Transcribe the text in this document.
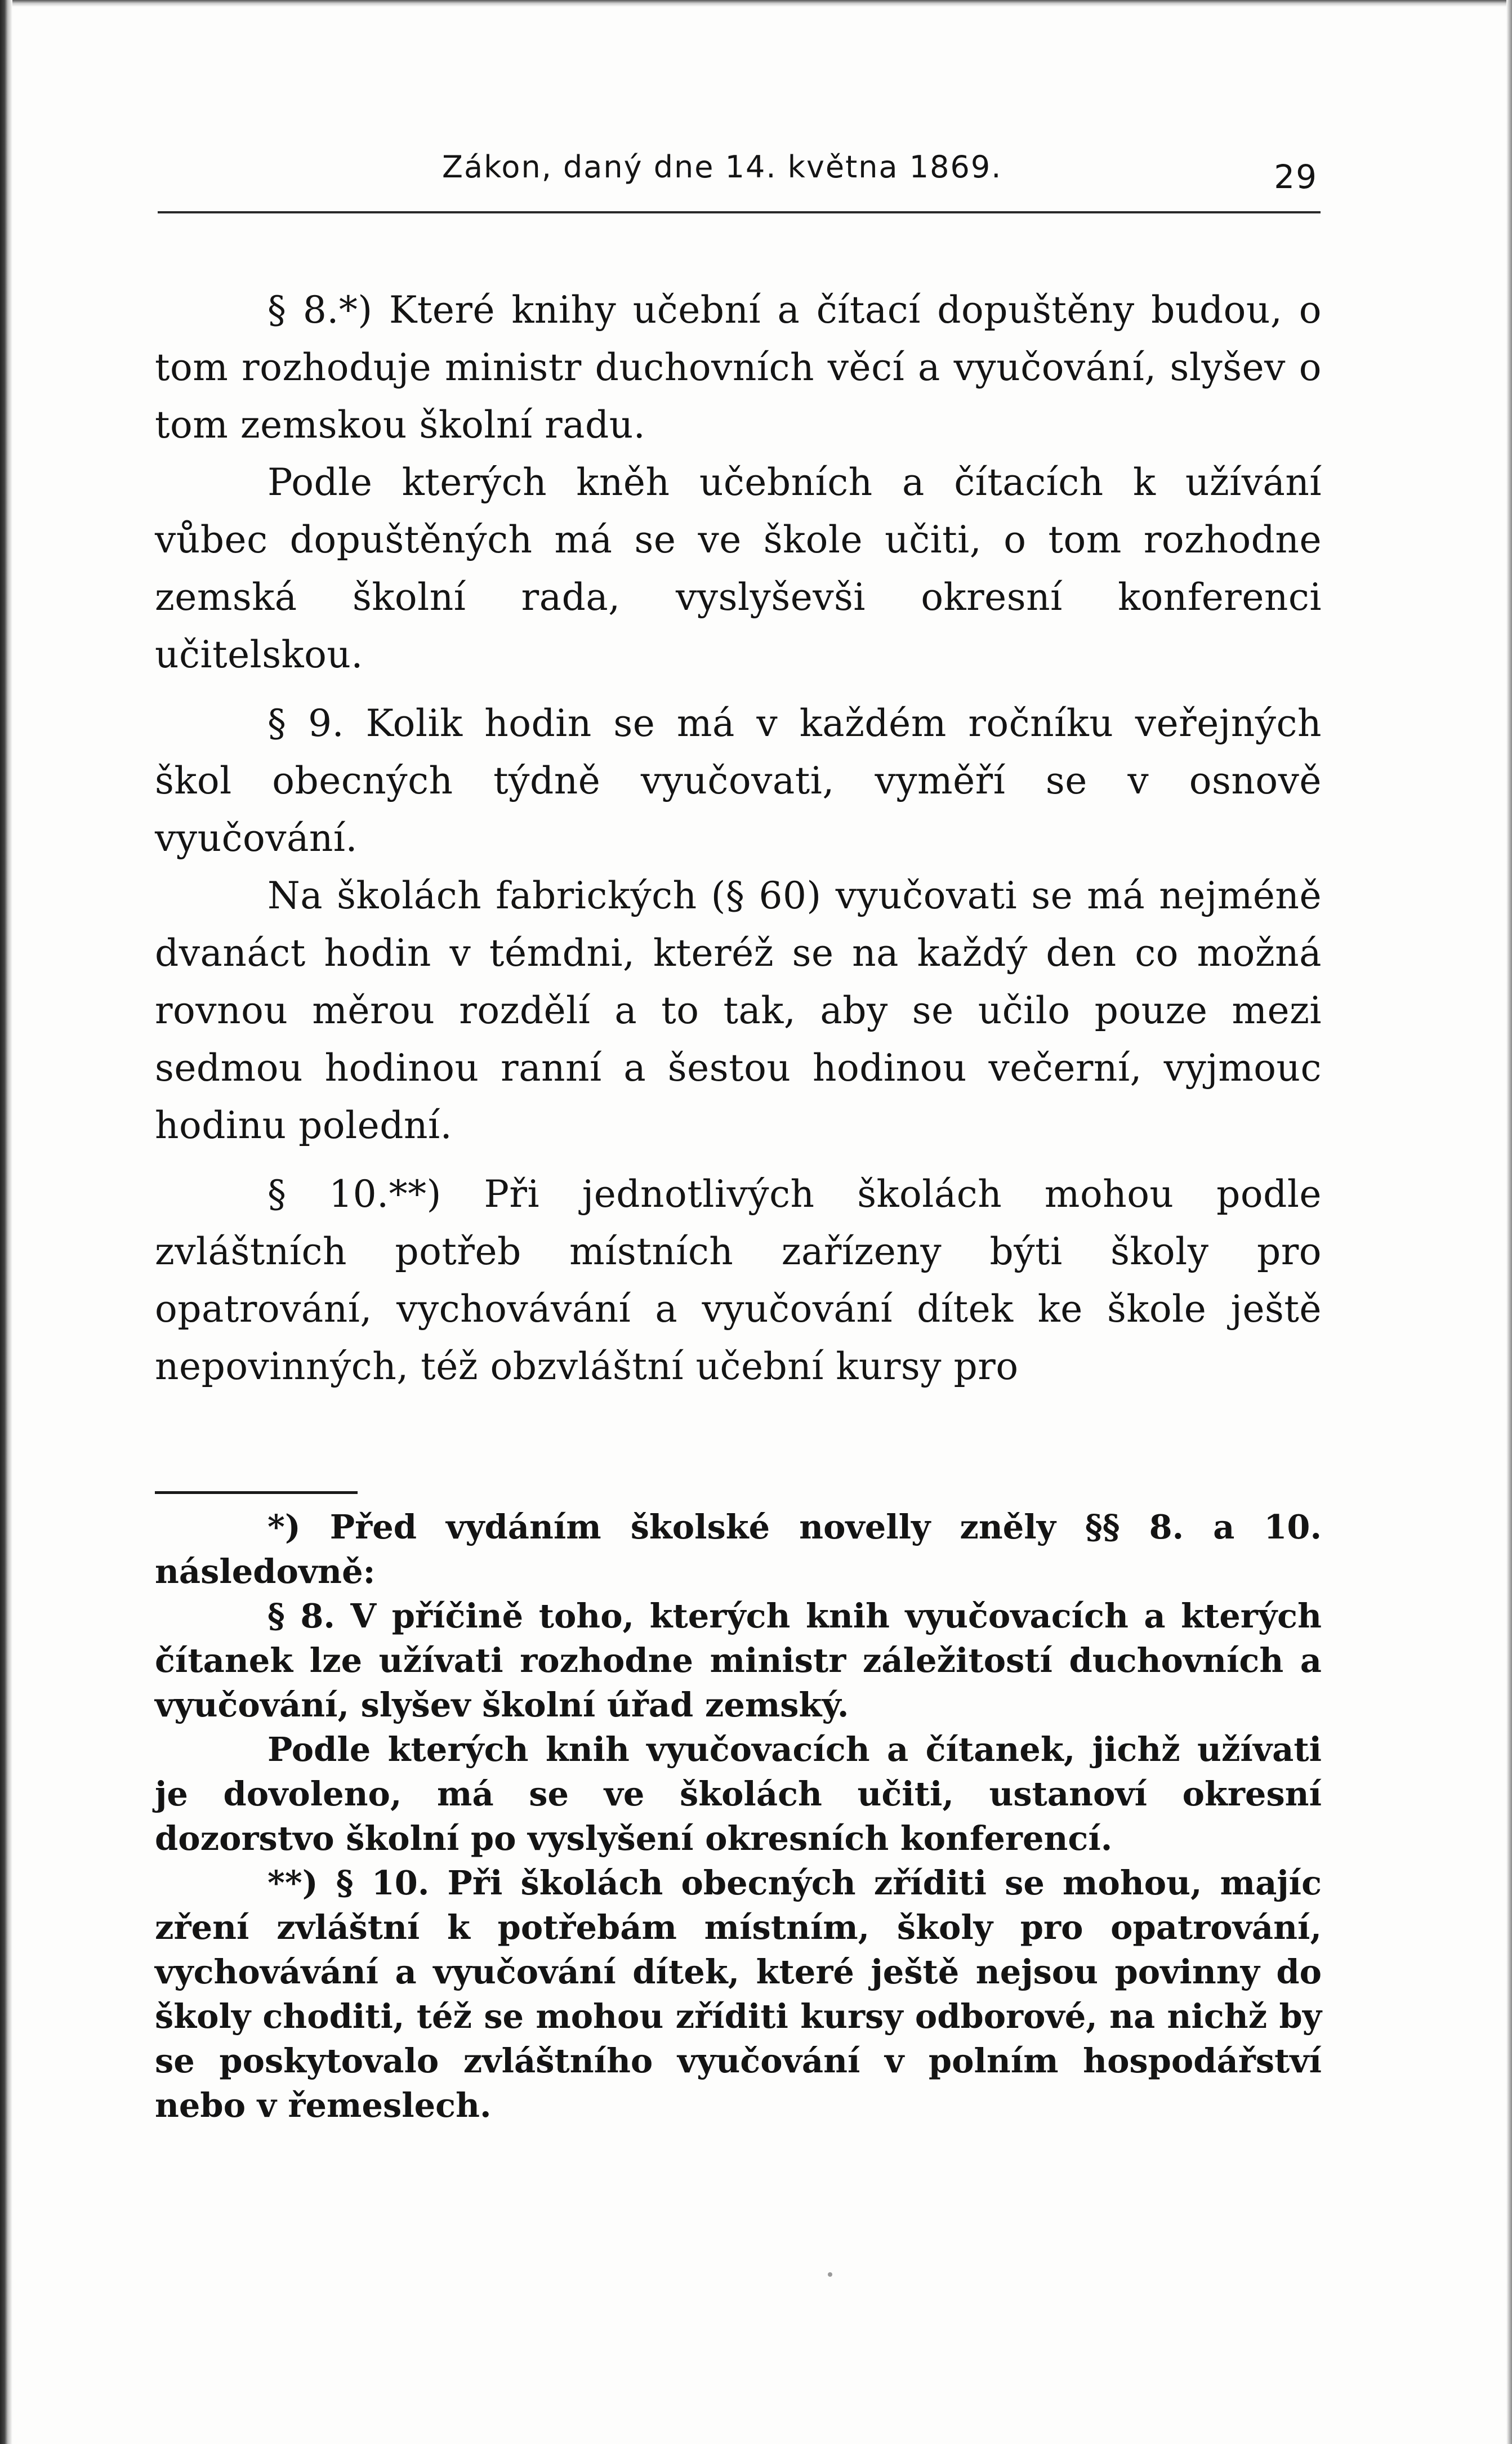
Zákon, daný dne 14. května 1869.	29

§ 8.*) Které knihy učební a čítací dopuštěny budou, o tom rozhoduje ministr duchovních věcí a vyučování, slyšev o tom zemskou školní radu.

Podle kterých kněh učebních a čítacích k užívání vůbec dopuštěných má se ve škole učiti, o tom rozhodne zemská školní rada, vyslyševši okresní konferenci učitelskou.

§ 9. Kolik hodin se má v každém ročníku veřejných škol obecných týdně vyučovati, vyměří se v osnově vyučování.

Na školách fabrických (§ 60) vyučovati se má nejméně dvanáct hodin v témdni, kteréž se na každý den co možná rovnou měrou rozdělí a to tak, aby se učilo pouze mezi sedmou hodinou ranní a šestou hodinou večerní, vyjmouc hodinu polední.

§ 10.**) Při jednotlivých školách mohou podle zvláštních potřeb místních zařízeny býti školy pro opatrování, vychovávání a vyučování dítek ke škole ještě nepovinných, též obzvláštní učební kursy pro

*) Před vydáním školské novelly zněly §§ 8. a 10. následovně:

§ 8. V příčině toho, kterých knih vyučovacích a kterých čítanek lze užívati rozhodne ministr záležitostí duchovních a vyučování, slyšev školní úřad zemský.

Podle kterých knih vyučovacích a čítanek, jichž užívati je dovoleno, má se ve školách učiti, ustanoví okresní dozorstvo školní po vyslyšení okresních konferencí.

**) § 10. Při školách obecných zříditi se mohou, majíc zření zvláštní k potřebám místním, školy pro opatrování, vychovávání a vyučování dítek, které ještě nejsou povinny do školy choditi, též se mohou zříditi kursy odborové, na nichž by se poskytovalo zvláštního vyučování v polním hospodářství nebo v řemeslech.
